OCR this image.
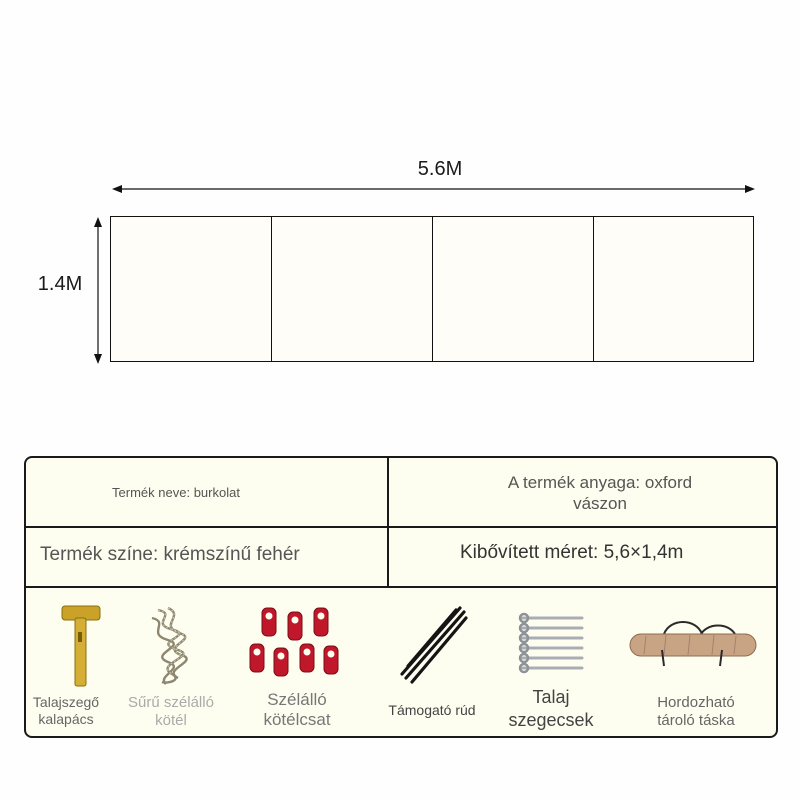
5.6M
1.4M
Termék neve: burkolat
A termék anyaga: oxford vászon
Termék színe: krémszínű fehér	Kibővített méret: 5,6×1,4m
Talajszegő kalapács
Sűrű szélálló kötél
Szélálló kötélcsat
Támogató rúd
Talaj szegecsek
Hordozható tároló táska
